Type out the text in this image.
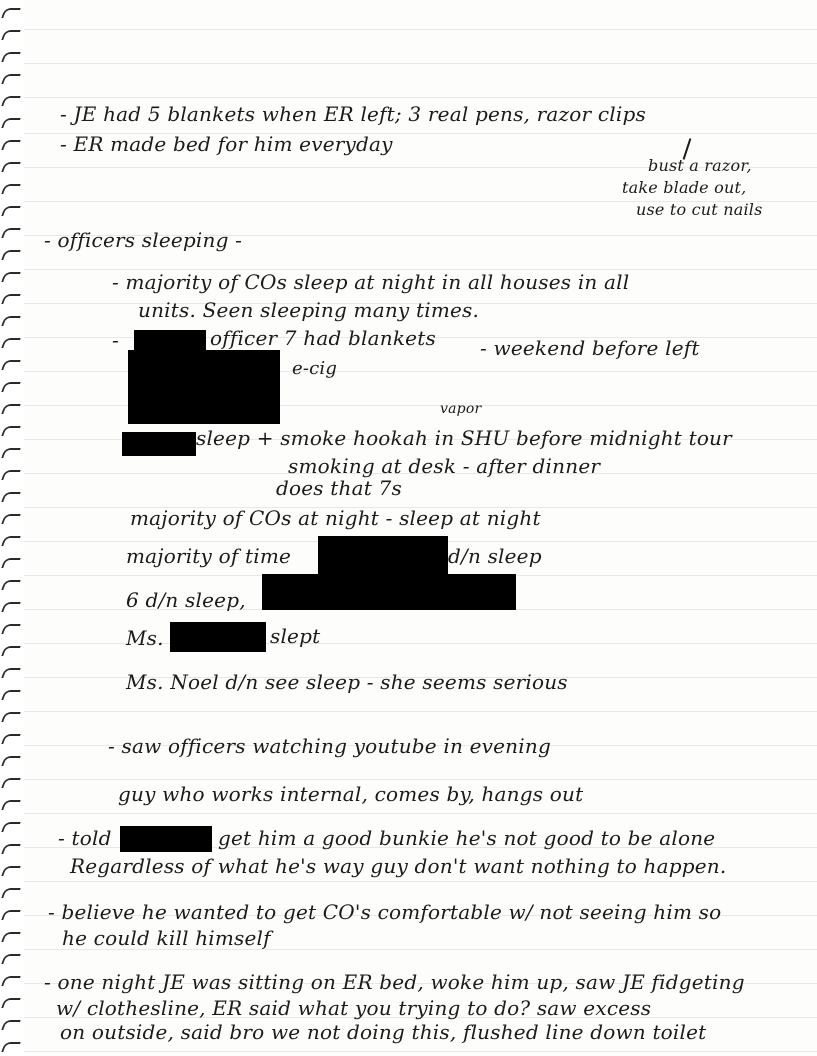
- JE had 5 blankets when ER left; 3 real pens, razor clips
- ER made bed for him everyday
bust a razor,
take blade out,
use to cut nails
- officers sleeping -
- majority of COs sleep at night in all houses in all
units. Seen sleeping many times.
-	officer 7 had blankets - weekend before left
e-cig
vapor
sleep + smoke hookah in SHU before midnight tour
smoking at desk - after dinner
does that 7s
majority of COs at night - sleep at night
majority of time	d/n sleep
6 d/n sleep,
Ms.	slept
Ms. Noel d/n see sleep - she seems serious
- saw officers watching youtube in evening
guy who works internal, comes by, hangs out
- told	get him a good bunkie he's not good to be alone
Regardless of what he's way guy don't want nothing to happen.
- believe he wanted to get CO's comfortable w/ not seeing him so
he could kill himself
- one night JE was sitting on ER bed, woke him up, saw JE fidgeting
w/ clothesline, ER said what you trying to do? saw excess
on outside, said bro we not doing this, flushed line down toilet
